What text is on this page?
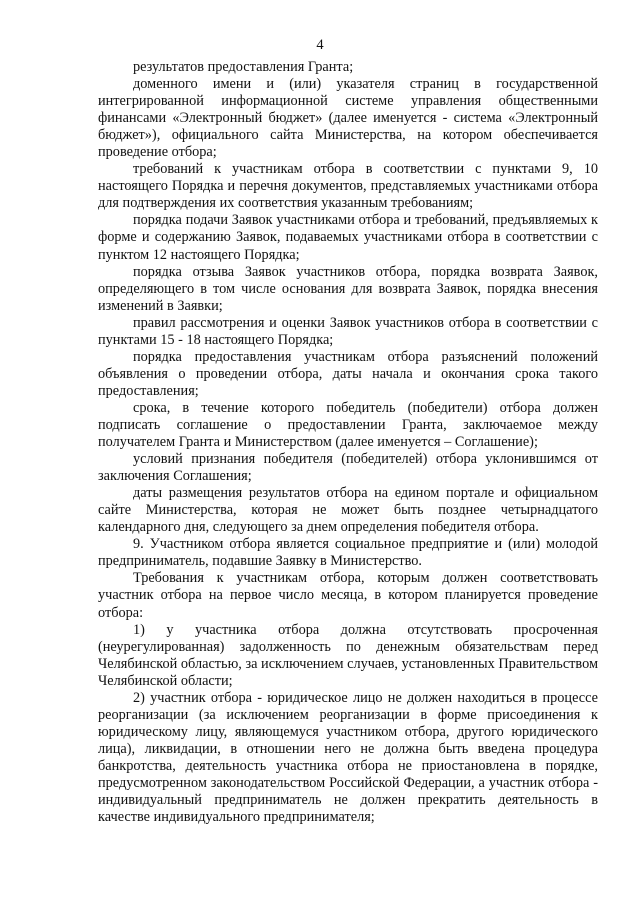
4

результатов предоставления Гранта;

доменного имени и (или) указателя страниц в государственной интегрированной информационной системе управления общественными финансами «Электронный бюджет» (далее именуется - система «Электронный бюджет»), официального сайта Министерства, на котором обеспечивается проведение отбора;

требований к участникам отбора в соответствии с пунктами 9, 10 настоящего Порядка и перечня документов, представляемых участниками отбора для подтверждения их соответствия указанным требованиям;

порядка подачи Заявок участниками отбора и требований, предъявляемых к форме и содержанию Заявок, подаваемых участниками отбора в соответствии с пунктом 12 настоящего Порядка;

порядка отзыва Заявок участников отбора, порядка возврата Заявок, определяющего в том числе основания для возврата Заявок, порядка внесения изменений в Заявки;

правил рассмотрения и оценки Заявок участников отбора в соответствии с пунктами 15 - 18 настоящего Порядка;

порядка предоставления участникам отбора разъяснений положений объявления о проведении отбора, даты начала и окончания срока такого предоставления;

срока, в течение которого победитель (победители) отбора должен подписать соглашение о предоставлении Гранта, заключаемое между получателем Гранта и Министерством (далее именуется – Соглашение);

условий признания победителя (победителей) отбора уклонившимся от заключения Соглашения;

даты размещения результатов отбора на едином портале и официальном сайте Министерства, которая не может быть позднее четырнадцатого календарного дня, следующего за днем определения победителя отбора.

9. Участником отбора является социальное предприятие и (или) молодой предприниматель, подавшие Заявку в Министерство.

Требования к участникам отбора, которым должен соответствовать участник отбора на первое число месяца, в котором планируется проведение отбора:

1) у участника отбора должна отсутствовать просроченная (неурегулированная) задолженность по денежным обязательствам перед Челябинской областью, за исключением случаев, установленных Правительством Челябинской области;

2) участник отбора - юридическое лицо не должен находиться в процессе реорганизации (за исключением реорганизации в форме присоединения к юридическому лицу, являющемуся участником отбора, другого юридического лица), ликвидации, в отношении него не должна быть введена процедура банкротства, деятельность участника отбора не приостановлена в порядке, предусмотренном законодательством Российской Федерации, а участник отбора - индивидуальный предприниматель не должен прекратить деятельность в качестве индивидуального предпринимателя;
